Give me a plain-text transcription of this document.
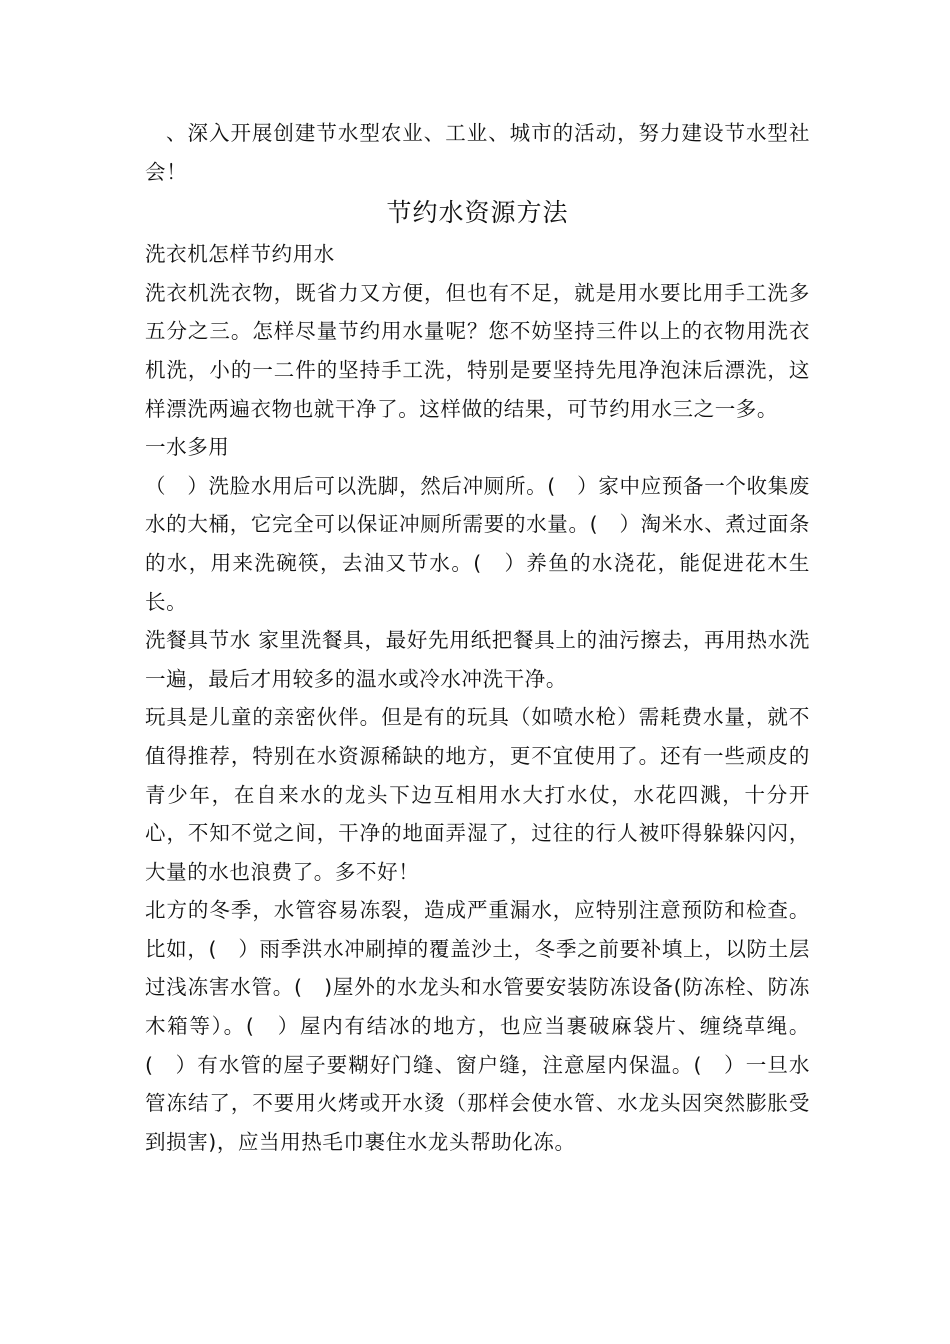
、深入开展创建节水型农业、工业、城市的活动，努力建设节水型社会！

节约水资源方法

洗衣机怎样节约用水

洗衣机洗衣物，既省力又方便，但也有不足，就是用水要比用手工洗多五分之三。怎样尽量节约用水量呢？您不妨坚持三件以上的衣物用洗衣机洗，小的一二件的坚持手工洗，特别是要坚持先甩净泡沫后漂洗，这样漂洗两遍衣物也就干净了。这样做的结果，可节约用水三之一多。

一水多用

（　）洗脸水用后可以洗脚，然后冲厕所。(　）家中应预备一个收集废水的大桶，它完全可以保证冲厕所需要的水量。(　）淘米水、煮过面条的水，用来洗碗筷，去油又节水。(　）养鱼的水浇花，能促进花木生长。

洗餐具节水 家里洗餐具，最好先用纸把餐具上的油污擦去，再用热水洗一遍，最后才用较多的温水或冷水冲洗干净。

玩具是儿童的亲密伙伴。但是有的玩具（如喷水枪）需耗费水量，就不值得推荐，特别在水资源稀缺的地方，更不宜使用了。还有一些顽皮的青少年，在自来水的龙头下边互相用水大打水仗，水花四溅，十分开心，不知不觉之间，干净的地面弄湿了，过往的行人被吓得躲躲闪闪，大量的水也浪费了。多不好！

北方的冬季，水管容易冻裂，造成严重漏水，应特别注意预防和检查。比如，(　）雨季洪水冲刷掉的覆盖沙土，冬季之前要补填上，以防土层过浅冻害水管。(　)屋外的水龙头和水管要安装防冻设备(防冻栓、防冻木箱等）。(　）屋内有结冰的地方，也应当裹破麻袋片、缠绕草绳。(　）有水管的屋子要糊好门缝、窗户缝，注意屋内保温。(　）一旦水管冻结了，不要用火烤或开水烫（那样会使水管、水龙头因突然膨胀受到损害)，应当用热毛巾裹住水龙头帮助化冻。
